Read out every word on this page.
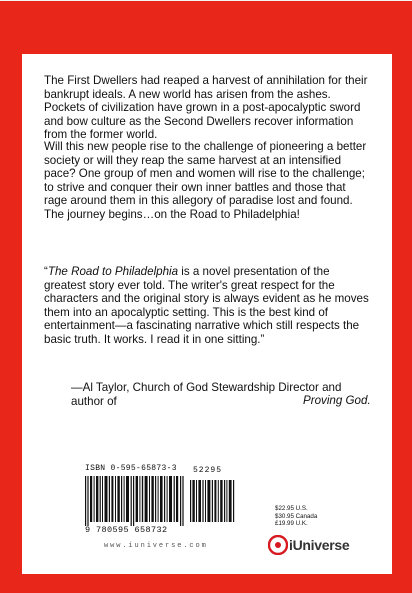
The First Dwellers had reaped a harvest of annihilation for their bankrupt ideals. A new world has arisen from the ashes. Pockets of civilization have grown in a post-apocalyptic sword and bow culture as the Second Dwellers recover information from the former world.

Will this new people rise to the challenge of pioneering a better society or will they reap the same harvest at an intensified pace? One group of men and women will rise to the challenge; to strive and conquer their own inner battles and those that rage around them in this allegory of paradise lost and found. The journey begins…on the Road to Philadelphia!

“The Road to Philadelphia is a novel presentation of the greatest story ever told. The writer's great respect for the characters and the original story is always evident as he moves them into an apocalyptic setting. This is the best kind of entertainment—a fascinating narrative which still respects the basic truth. It works. I read it in one sitting.”

—Al Taylor, Church of God Stewardship Director and author of	Proving God.
ISBN 0-595-65873-3 52295
9 780595 658732
www.iuniverse.com
$22.95 U.S.
$30.95 Canada
£19.99 U.K.
iUniverse
